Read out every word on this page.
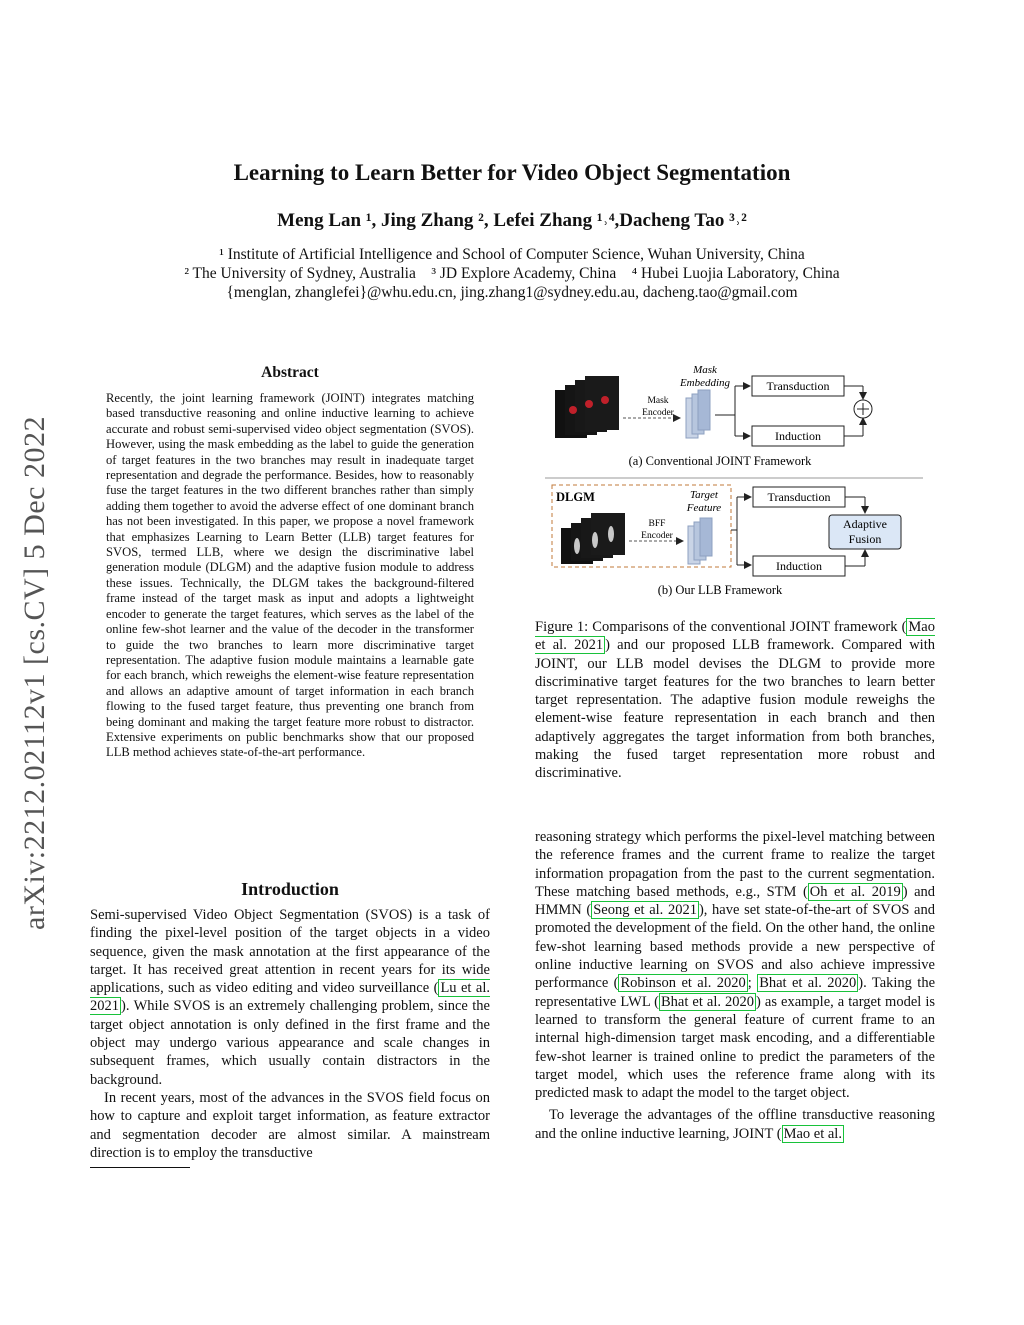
arXiv:2212.02112v1 [cs.CV] 5 Dec 2022
Learning to Learn Better for Video Object Segmentation
Meng Lan ¹, Jing Zhang ², Lefei Zhang ¹˒⁴,Dacheng Tao ³˒²
¹ Institute of Artificial Intelligence and School of Computer Science, Wuhan University, China
² The University of Sydney, Australia    ³ JD Explore Academy, China    ⁴ Hubei Luojia Laboratory, China
{menglan, zhanglefei}@whu.edu.cn, jing.zhang1@sydney.edu.au, dacheng.tao@gmail.com
Abstract
Recently, the joint learning framework (JOINT) integrates matching based transductive reasoning and online inductive learning to achieve accurate and robust semi-supervised video object segmentation (SVOS). However, using the mask embedding as the label to guide the generation of target features in the two branches may result in inadequate target representation and degrade the performance. Besides, how to reasonably fuse the target features in the two different branches rather than simply adding them together to avoid the adverse effect of one dominant branch has not been investigated. In this paper, we propose a novel framework that emphasizes Learning to Learn Better (LLB) target features for SVOS, termed LLB, where we design the discriminative label generation module (DLGM) and the adaptive fusion module to address these issues. Technically, the DLGM takes the background-filtered frame instead of the target mask as input and adopts a lightweight encoder to generate the target features, which serves as the label of the online few-shot learner and the value of the decoder in the transformer to guide the two branches to learn more discriminative target representation. The adaptive fusion module maintains a learnable gate for each branch, which reweighs the element-wise feature representation and allows an adaptive amount of target information in each branch flowing to the fused target feature, thus preventing one branch from being dominant and making the target feature more robust to distractor. Extensive experiments on public benchmarks show that our proposed LLB method achieves state-of-the-art performance.
Introduction

Semi-supervised Video Object Segmentation (SVOS) is a task of finding the pixel-level position of the target objects in a video sequence, given the mask annotation at the first appearance of the target. It has received great attention in recent years for its wide applications, such as video editing and video surveillance ( Lu et al. 2021 ). While SVOS is an extremely challenging problem, since the target object annotation is only defined in the first frame and the object may undergo various appearance and scale changes in subsequent frames, which usually contain distractors in the background.

In recent years, most of the advances in the SVOS field focus on how to capture and exploit target information, as feature extractor and segmentation decoder are almost similar. A mainstream direction is to employ the transductive

Mask Encoder
Mask Embedding	Transduction
Induction
(a) Conventional JOINT Framework
DLGM
BFF Encoder
Target Feature
Transduction
Induction
Adaptive Fusion
(b) Our LLB Framework
Figure 1: Comparisons of the conventional JOINT framework ( Mao et al. 2021 ) and our proposed LLB framework. Compared with JOINT, our LLB model devises the DLGM to provide more discriminative target features for the two branches to learn better target representation. The adaptive fusion module reweighs the element-wise feature representation in each branch and then adaptively aggregates the target information from both branches, making the fused target representation more robust and discriminative.

reasoning strategy which performs the pixel-level matching between the reference frames and the current frame to realize the target information propagation from the past to the current segmentation. These matching based methods, e.g., STM ( Oh et al. 2019 ) and HMMN ( Seong et al. 2021 ), have set state-of-the-art of SVOS and promoted the development of the field. On the other hand, the online few-shot learning based methods provide a new perspective of online inductive learning on SVOS and also achieve impressive performance ( Robinson et al. 2020 ; Bhat et al. 2020 ). Taking the representative LWL ( Bhat et al. 2020 ) as example, a target model is learned to transform the general feature of current frame to an internal high-dimension target mask encoding, and a differentiable few-shot learner is trained online to predict the parameters of the target model, which uses the reference frame along with its predicted mask to adapt the model to the target object.

To leverage the advantages of the offline transductive reasoning and the online inductive learning, JOINT ( Mao et al.
